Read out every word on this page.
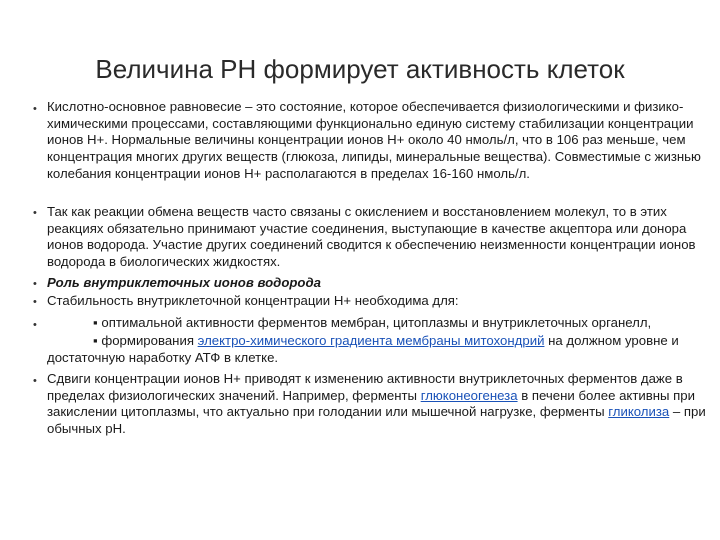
Величина РН формирует активность клеток
• Кислотно-основное равновесие – это состояние, которое обеспечивается физиологическими и физико-химическими процессами, составляющими функционально единую систему стабилизации концентрации ионов Н+. Нормальные величины концентрации ионов Н+ около 40 нмоль/л, что в 106 раз меньше, чем концентрация многих других веществ (глюкоза, липиды, минеральные вещества). Совместимые с жизнью колебания концентрации ионов Н+ располагаются в пределах 16-160 нмоль/л.
• Так как реакции обмена веществ часто связаны с окислением и восстановлением молекул, то в этих реакциях обязательно принимают участие соединения, выступающие в качестве акцептора или донора ионов водорода. Участие других соединений сводится к обеспечению неизменности концентрации ионов водорода в биологических жидкостях.
• Роль внутриклеточных ионов водорода
• Стабильность внутриклеточной концентрации Н+ необходима для:
•	▪ оптимальной активности ферментов мембран, цитоплазмы и внутриклеточных органелл,
▪ формирования электро-химического градиента мембраны митохондрий на должном уровне и достаточную наработку АТФ в клетке.
• Сдвиги концентрации ионов Н+ приводят к изменению активности внутриклеточных ферментов даже в пределах физиологических значений. Например, ферменты глюконеогенеза в печени более активны при закислении цитоплазмы, что актуально при голодании или мышечной нагрузке, ферменты гликолиза – при обычных рН.
